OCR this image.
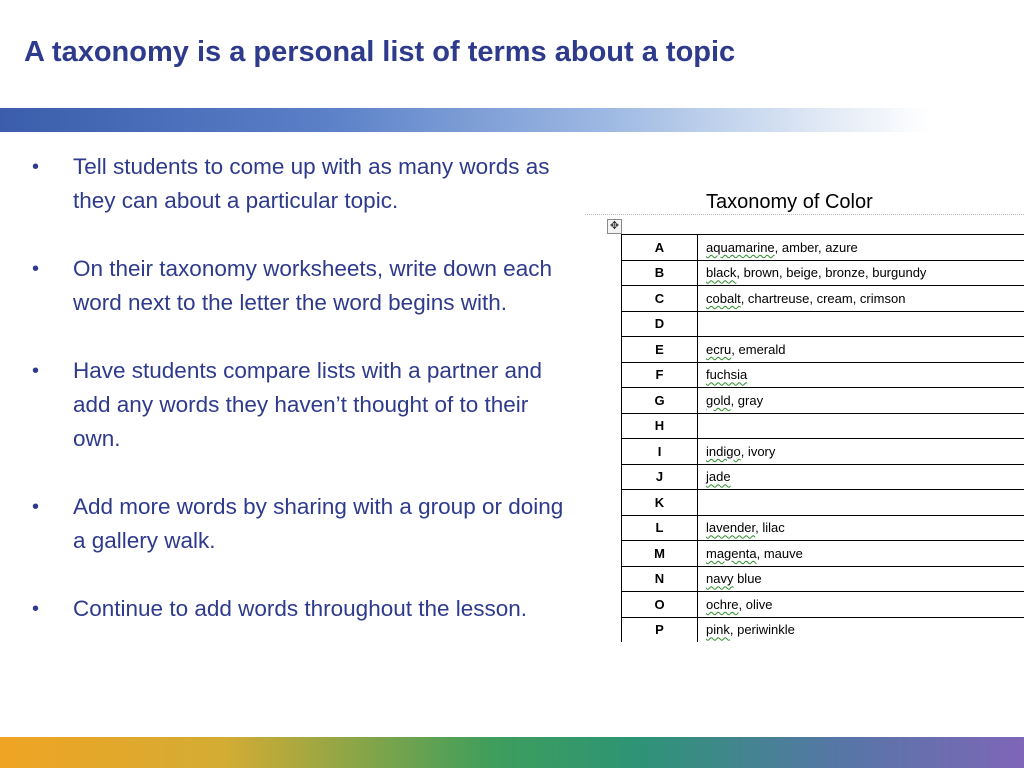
A taxonomy is a personal list of terms about a topic
• Tell students to come up with as many words as they can about a particular topic.
• On their taxonomy worksheets, write down each word next to the letter the word begins with.
• Have students compare lists with a partner and add any words they haven’t thought of to their own.
• Add more words by sharing with a group or doing a gallery walk.
• Continue to add words throughout the lesson.
Taxonomy of Color
✥
A	aquamarine, amber, azure
B	black, brown, beige, bronze, burgundy
C	cobalt, chartreuse, cream, crimson
D	
E	ecru, emerald
F	fuchsia
G	gold, gray
H	
I	indigo, ivory
J	jade
K	
L	lavender, lilac
M	magenta, mauve
N	navy blue
O	ochre, olive
P	pink, periwinkle
